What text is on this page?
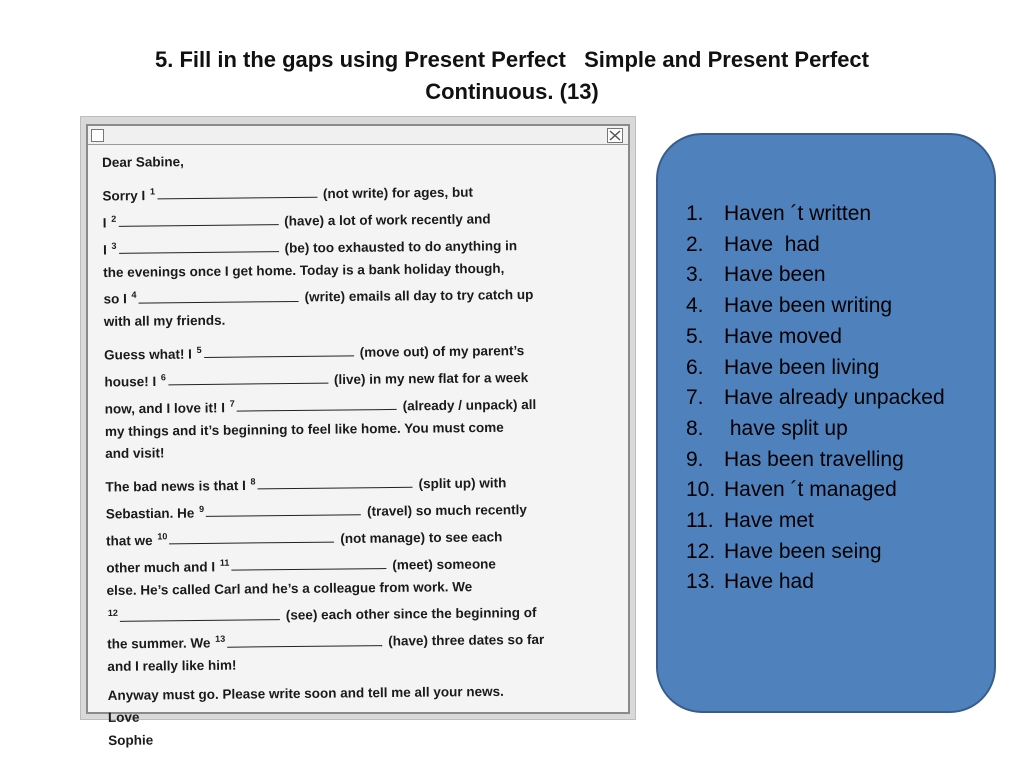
5. Fill in the gaps using Present Perfect   Simple and Present Perfect
Continuous. (13)
Dear Sabine,
Sorry I $^1$	(not write) for ages, but
I $^2$	(have) a lot of work recently and
I $^3$	(be) too exhausted to do anything in
the evenings once I get home. Today is a bank holiday though,
so I $^4$	(write) emails all day to try catch up
with all my friends.
Guess what! I $^5$	(move out) of my parent’s
house! I $^6$	(live) in my new flat for a week
now, and I love it! I $^7$	(already / unpack) all
my things and it’s beginning to feel like home. You must come
and visit!
The bad news is that I $^8$	(split up) with
Sebastian. He $^9$	(travel) so much recently
that we $^{10}$	(not manage) to see each
other much and I $^{11}$	(meet) someone
else. He’s called Carl and he’s a colleague from work. We
$^{12}$	(see) each other since the beginning of
the summer. We $^{13}$	(have) three dates so far
and I really like him!
Anyway must go. Please write soon and tell me all your news.
Love
Sophie
1. Haven ´t written
2. Have  had
3. Have been
4. Have been writing
5. Have moved
6. Have been living
7. Have already unpacked
8. have split up
9. Has been travelling
10. Haven ´t managed
11. Have met
12. Have been seing
13. Have had
